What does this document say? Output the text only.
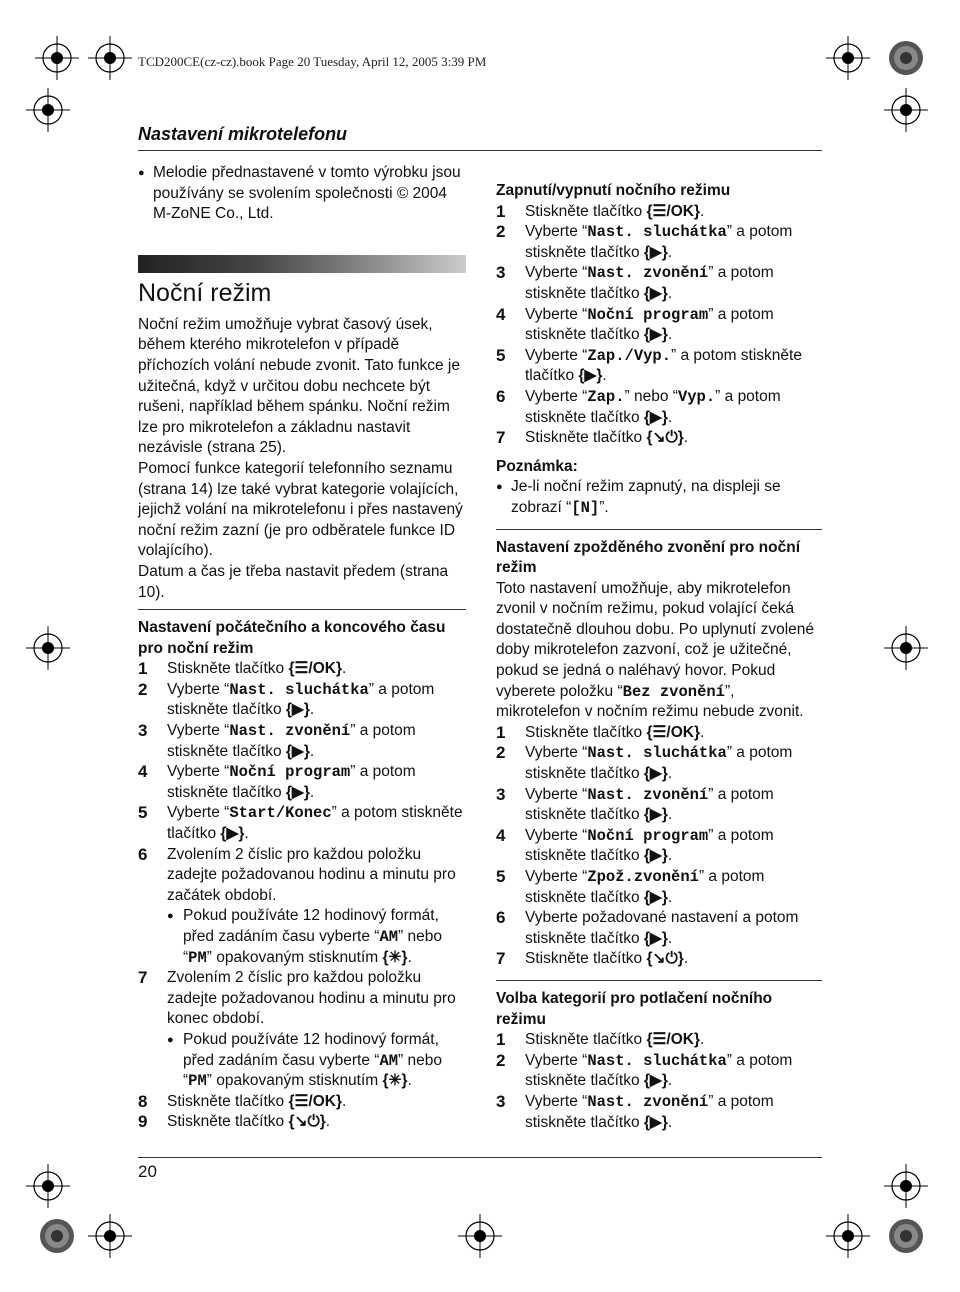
TCD200CE(cz-cz).book Page 20 Tuesday, April 12, 2005 3:39 PM
Nastavení mikrotelefonu

● Melodie přednastavené v tomto výrobku jsou používány se svolením společnosti © 2004 M-ZoNE Co., Ltd.

Noční režim

Noční režim umožňuje vybrat časový úsek, během kterého mikrotelefon v případě příchozích volání nebude zvonit. Tato funkce je užitečná, když v určitou dobu nechcete být rušeni, například během spánku. Noční režim lze pro mikrotelefon a základnu nastavit nezávisle (strana 25).

Pomocí funkce kategorií telefonního seznamu (strana 14) lze také vybrat kategorie volajících, jejichž volání na mikrotelefonu i přes nastavený noční režim zazní (je pro odběratele funkce ID volajícího).

Datum a čas je třeba nastavit předem (strana 10).

Nastavení počátečního a koncového času pro noční režim

1 Stiskněte tlačítko {☰/OK}.

2 Vyberte “Nast. sluchátka” a potom stiskněte tlačítko {▶}.

3 Vyberte “Nast. zvonění” a potom stiskněte tlačítko {▶}.

4 Vyberte “Noční program” a potom stiskněte tlačítko {▶}.

5 Vyberte “Start/Konec” a potom stiskněte tlačítko {▶}.

6 Zvolením 2 číslic pro každou položku zadejte požadovanou hodinu a minutu pro začátek období.

● Pokud používáte 12 hodinový formát, před zadáním času vyberte “AM” nebo “PM” opakovaným stisknutím {✳}.

7 Zvolením 2 číslic pro každou položku zadejte požadovanou hodinu a minutu pro konec období.

● Pokud používáte 12 hodinový formát, před zadáním času vyberte “AM” nebo “PM” opakovaným stisknutím {✳}.

8 Stiskněte tlačítko {☰/OK}.

9 Stiskněte tlačítko {↘⏻}.

Zapnutí/vypnutí nočního režimu

1 Stiskněte tlačítko {☰/OK}.

2 Vyberte “Nast. sluchátka” a potom stiskněte tlačítko {▶}.

3 Vyberte “Nast. zvonění” a potom stiskněte tlačítko {▶}.

4 Vyberte “Noční program” a potom stiskněte tlačítko {▶}.

5 Vyberte “Zap./Vyp.” a potom stiskněte tlačítko {▶}.

6 Vyberte “Zap.” nebo “Vyp.” a potom stiskněte tlačítko {▶}.

7 Stiskněte tlačítko {↘⏻}.

Poznámka:

● Je-li noční režim zapnutý, na displeji se zobrazí “[N]”.

Nastavení zpožděného zvonění pro noční režim

Toto nastavení umožňuje, aby mikrotelefon zvonil v nočním režimu, pokud volající čeká dostatečně dlouhou dobu. Po uplynutí zvolené doby mikrotelefon zazvoní, což je užitečné, pokud se jedná o naléhavý hovor. Pokud vyberete položku “Bez zvonění”, mikrotelefon v nočním režimu nebude zvonit.

1 Stiskněte tlačítko {☰/OK}.

2 Vyberte “Nast. sluchátka” a potom stiskněte tlačítko {▶}.

3 Vyberte “Nast. zvonění” a potom stiskněte tlačítko {▶}.

4 Vyberte “Noční program” a potom stiskněte tlačítko {▶}.

5 Vyberte “Zpož.zvonění” a potom stiskněte tlačítko {▶}.

6 Vyberte požadované nastavení a potom stiskněte tlačítko {▶}.

7 Stiskněte tlačítko {↘⏻}.

Volba kategorií pro potlačení nočního režimu

1 Stiskněte tlačítko {☰/OK}.

2 Vyberte “Nast. sluchátka” a potom stiskněte tlačítko {▶}.

3 Vyberte “Nast. zvonění” a potom stiskněte tlačítko {▶}.

20
